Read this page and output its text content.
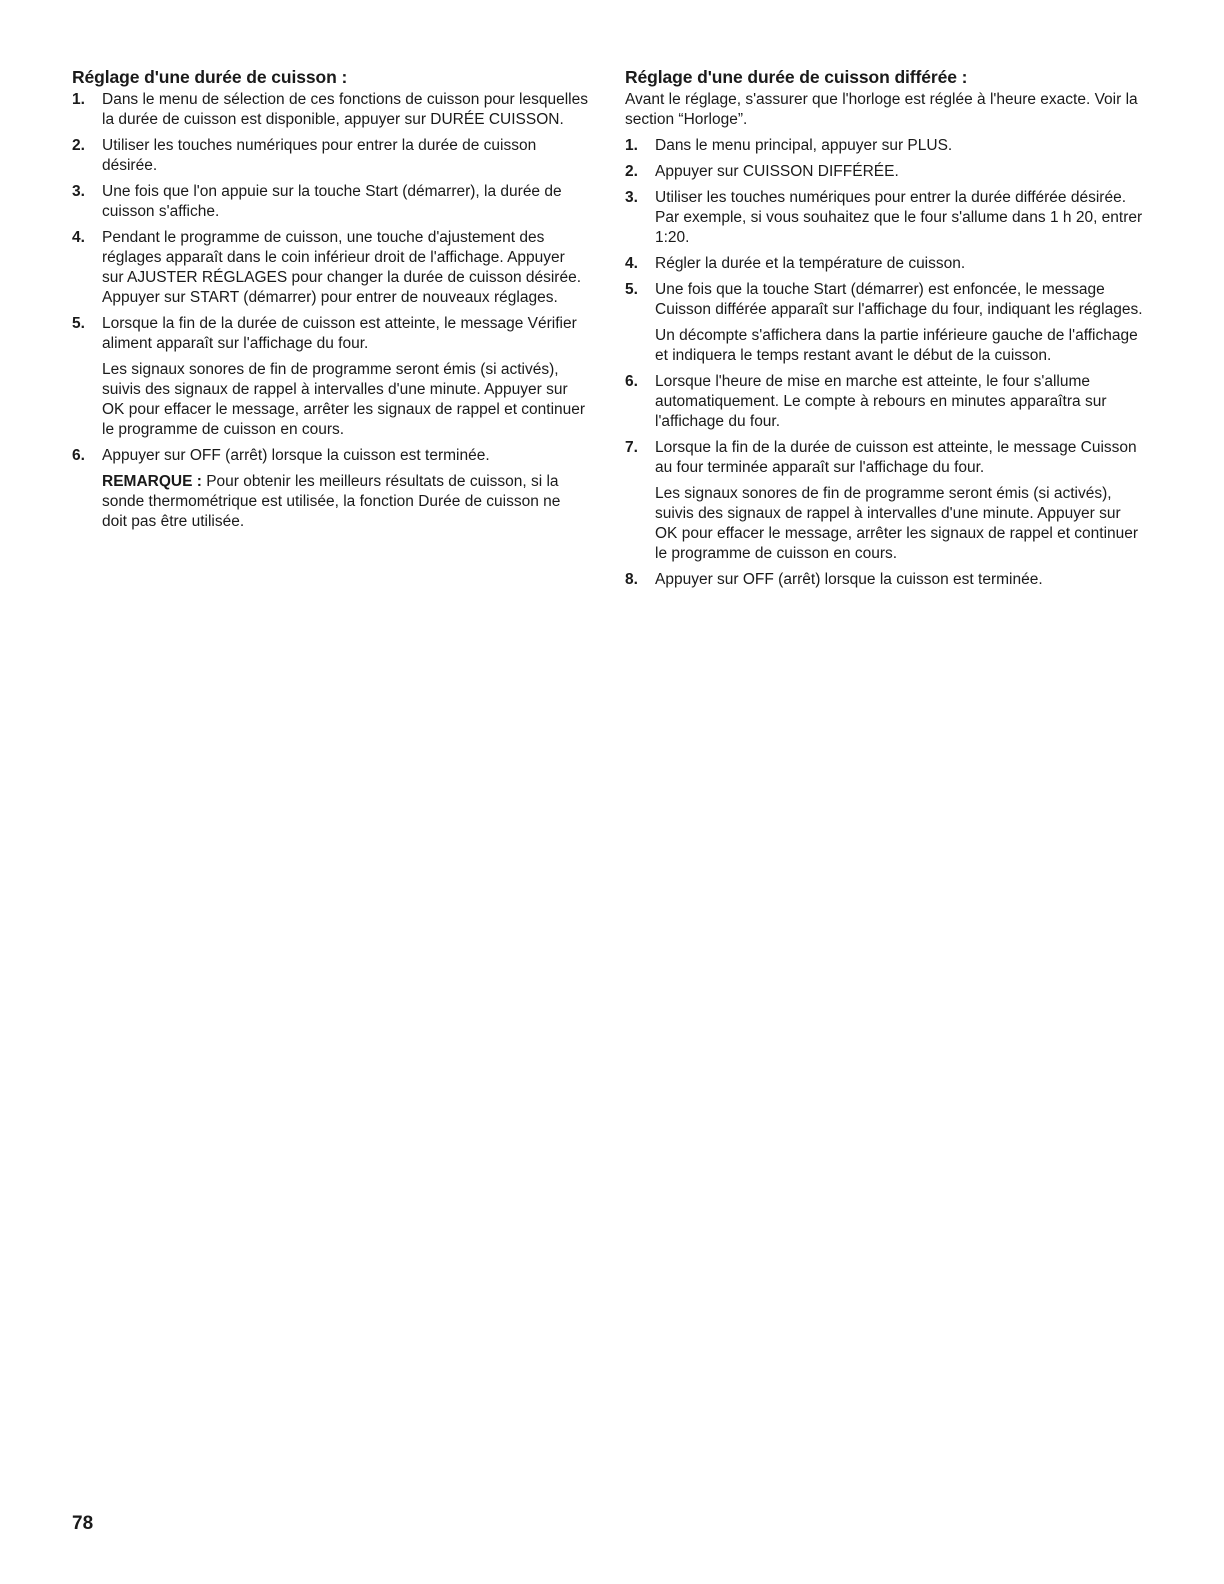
Réglage d'une durée de cuisson :
1. Dans le menu de sélection de ces fonctions de cuisson pour lesquelles la durée de cuisson est disponible, appuyer sur DURÉE CUISSON.
2. Utiliser les touches numériques pour entrer la durée de cuisson désirée.
3. Une fois que l'on appuie sur la touche Start (démarrer), la durée de cuisson s'affiche.
4. Pendant le programme de cuisson, une touche d'ajustement des réglages apparaît dans le coin inférieur droit de l'affichage. Appuyer sur AJUSTER RÉGLAGES pour changer la durée de cuisson désirée. Appuyer sur START (démarrer) pour entrer de nouveaux réglages.
5. Lorsque la fin de la durée de cuisson est atteinte, le message Vérifier aliment apparaît sur l'affichage du four.

Les signaux sonores de fin de programme seront émis (si activés), suivis des signaux de rappel à intervalles d'une minute. Appuyer sur OK pour effacer le message, arrêter les signaux de rappel et continuer le programme de cuisson en cours.

6. Appuyer sur OFF (arrêt) lorsque la cuisson est terminée.

REMARQUE : Pour obtenir les meilleurs résultats de cuisson, si la sonde thermométrique est utilisée, la fonction Durée de cuisson ne doit pas être utilisée.

Réglage d'une durée de cuisson différée :

Avant le réglage, s'assurer que l'horloge est réglée à l'heure exacte. Voir la section “Horloge”.

1. Dans le menu principal, appuyer sur PLUS.
2. Appuyer sur CUISSON DIFFÉRÉE.
3. Utiliser les touches numériques pour entrer la durée différée désirée. Par exemple, si vous souhaitez que le four s'allume dans 1 h 20, entrer 1:20.
4. Régler la durée et la température de cuisson.
5. Une fois que la touche Start (démarrer) est enfoncée, le message Cuisson différée apparaît sur l'affichage du four, indiquant les réglages.

Un décompte s'affichera dans la partie inférieure gauche de l'affichage et indiquera le temps restant avant le début de la cuisson.

6. Lorsque l'heure de mise en marche est atteinte, le four s'allume automatiquement. Le compte à rebours en minutes apparaîtra sur l'affichage du four.
7. Lorsque la fin de la durée de cuisson est atteinte, le message Cuisson au four terminée apparaît sur l'affichage du four.

Les signaux sonores de fin de programme seront émis (si activés), suivis des signaux de rappel à intervalles d'une minute. Appuyer sur OK pour effacer le message, arrêter les signaux de rappel et continuer le programme de cuisson en cours.

8. Appuyer sur OFF (arrêt) lorsque la cuisson est terminée.
78
